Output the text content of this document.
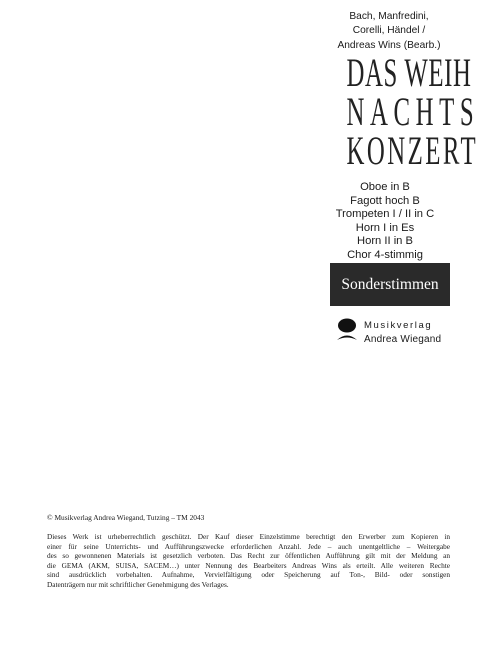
Bach, Manfredini,
Corelli, Händel /
Andreas Wins (Bearb.)
DAS WEIH
NACHTS
KONZERT
Oboe in B
Fagott hoch B
Trompeten I / II in C
Horn I in Es
Horn II in B
Chor 4-stimmig
Sonderstimmen
Musikverlag
Andrea Wiegand
© Musikverlag Andrea Wiegand, Tutzing – TM 2043
Dieses Werk ist urheberrechtlich geschützt. Der Kauf dieser Einzelstimme berechtigt den Erwerber zum Kopieren in
einer für seine Unterrichts- und Aufführungszwecke erforderlichen Anzahl. Jede – auch unentgeltliche – Weitergabe
des so gewonnenen Materials ist gesetzlich verboten. Das Recht zur öffentlichen Aufführung gilt mit der Meldung an
die GEMA (AKM, SUISA, SACEM…) unter Nennung des Bearbeiters Andreas Wins als erteilt. Alle weiteren Rechte
sind ausdrücklich vorbehalten. Aufnahme, Vervielfältigung oder Speicherung auf Ton-, Bild- oder sonstigen
Datenträgern nur mit schriftlicher Genehmigung des Verlages.
